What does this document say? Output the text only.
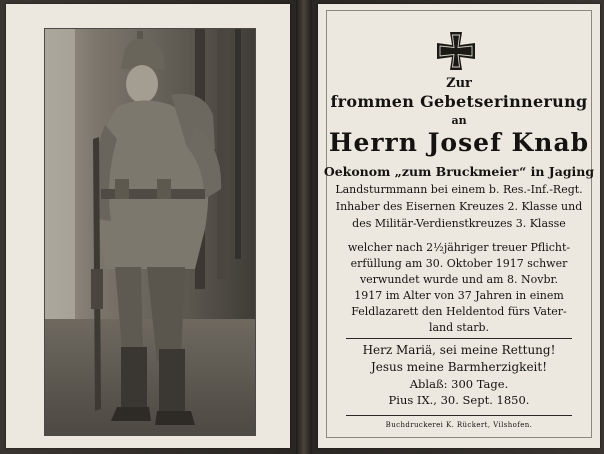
Zur
frommen Gebetserinnerung
an
Herrn Josef Knab
Oekonom „zum Bruckmeier“ in Jaging
Landsturmmann bei einem b. Res.-Inf.-Regt.
Inhaber des Eisernen Kreuzes 2. Klasse und
des Militär-Verdienstkreuzes 3. Klasse
welcher nach 2½jähriger treuer Pflicht-
erfüllung am 30. Oktober 1917 schwer
verwundet wurde und am 8. Novbr.
1917 im Alter von 37 Jahren in einem
Feldlazarett den Heldentod fürs Vater-
land starb.
Herz Mariä, sei meine Rettung!
Jesus meine Barmherzigkeit!
Ablaß: 300 Tage.
Pius IX., 30. Sept. 1850.
Buchdruckerei K. Rückert, Vilshofen.
